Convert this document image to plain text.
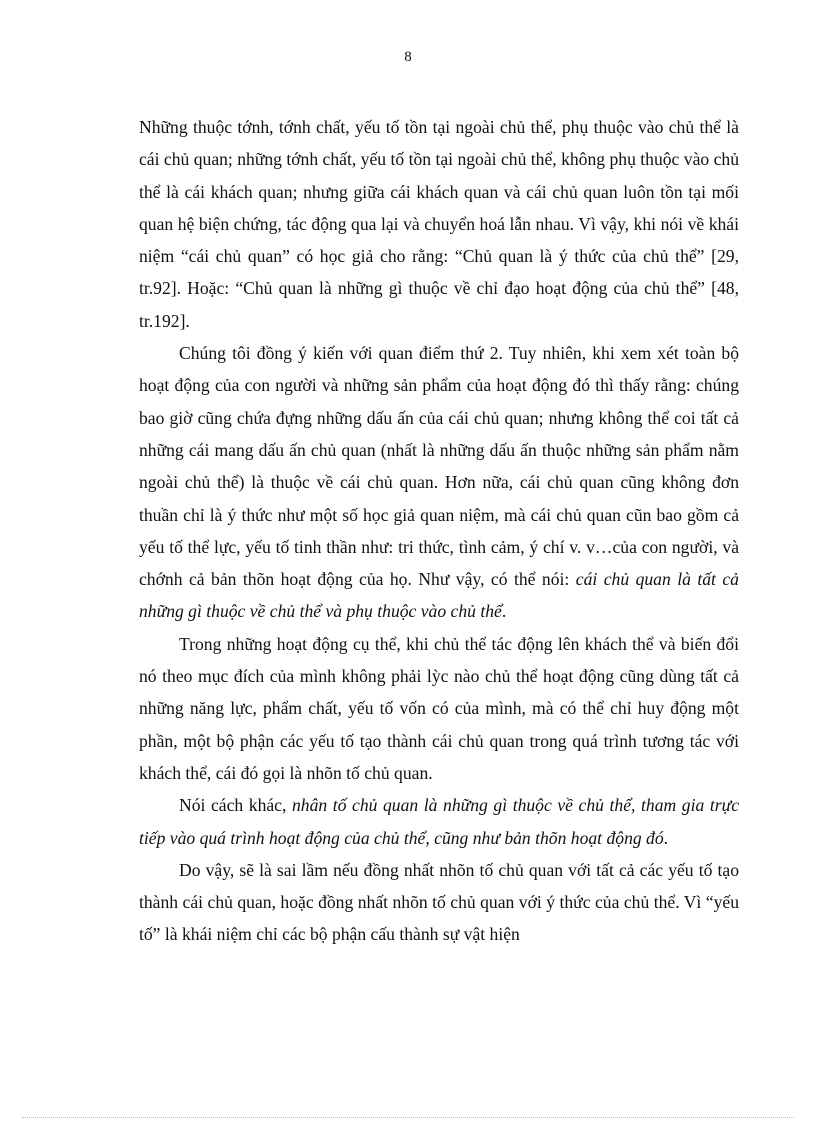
8

Những thuộc tớnh, tớnh chất, yếu tố tồn tại ngoài chủ thể, phụ thuộc vào chủ thể là cái chủ quan; những tớnh chất, yếu tố tồn tại ngoài chủ thể, không phụ thuộc vào chủ thể là cái khách quan; nhưng giữa cái khách quan và cái chủ quan luôn tồn tại mối quan hệ biện chứng, tác động qua lại và chuyển hoá lẫn nhau. Vì vậy, khi nói về khái niệm “cái chủ quan” có học giả cho rằng: “Chủ quan là ý thức của chủ thể” [29, tr.92]. Hoặc: “Chủ quan là những gì thuộc về chỉ đạo hoạt động của chủ thể” [48, tr.192].

Chúng tôi đồng ý kiến với quan điểm thứ 2. Tuy nhiên, khi xem xét toàn bộ hoạt động của con người và những sản phẩm của hoạt động đó thì thấy rằng: chúng bao giờ cũng chứa đựng những dấu ấn của cái chủ quan; nhưng không thể coi tất cả những cái mang dấu ấn chủ quan (nhất là những dấu ấn thuộc những sản phẩm nằm ngoài chủ thể) là thuộc về cái chủ quan. Hơn nữa, cái chủ quan cũng không đơn thuần chỉ là ý thức như một số học giả quan niệm, mà cái chủ quan cũn bao gồm cả yếu tố thể lực, yếu tố tinh thần như: tri thức, tình cảm, ý chí v. v…của con người, và chớnh cả bản thõn hoạt động của họ. Như vậy, có thể nói: cái chủ quan là tất cả những gì thuộc về chủ thể và phụ thuộc vào chủ thể.

Trong những hoạt động cụ thể, khi chủ thể tác động lên khách thể và biến đổi nó theo mục đích của mình không phải lỳc nào chủ thể hoạt động cũng dùng tất cả những năng lực, phẩm chất, yếu tố vốn có của mình, mà có thể chỉ huy động một phần, một bộ phận các yếu tố tạo thành cái chủ quan trong quá trình tương tác với khách thể, cái đó gọi là nhõn tố chủ quan.

Nói cách khác, nhân tố chủ quan là những gì thuộc về chủ thể, tham gia trực tiếp vào quá trình hoạt động của chủ thể, cũng như bản thõn hoạt động đó.

Do vậy, sẽ là sai lầm nếu đồng nhất nhõn tố chủ quan với tất cả các yếu tố tạo thành cái chủ quan, hoặc đồng nhất nhõn tố chủ quan với ý thức của chủ thể. Vì “yếu tố” là khái niệm chỉ các bộ phận cấu thành sự vật hiện
